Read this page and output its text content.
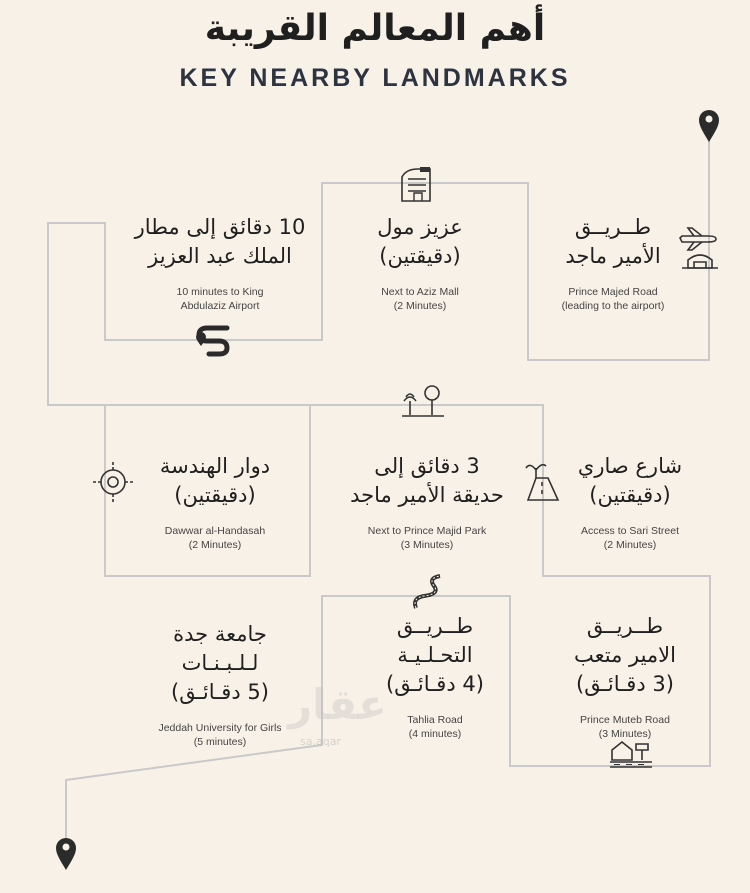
أهم المعالم القريبة
KEY NEARBY LANDMARKS
طــريــق
الأمير ماجد
Prince Majed Road
(leading to the airport)
عزيز مول
(دقيقتين)
Next to Aziz Mall
(2 Minutes)
10 دقائق إلى مطار
الملك عبد العزيز
10 minutes to King
Abdulaziz Airport
شارع صاري
(دقيقتين)
Access to Sari Street
(2 Minutes)
3 دقائق إلى
حديقة الأمير ماجد
Next to Prince Majid Park
(3 Minutes)
دوار الهندسة
(دقيقتين)
Dawwar al-Handasah
(2 Minutes)
طــريــق
الامير متعب
(3 دقـائـق)
Prince Muteb Road
(3 Minutes)
طــريــق
التحـلـيـة
(4 دقـائـق)
Tahlia Road
(4 minutes)
جامعة جدة
لـلـبـنـات
(5 دقـائـق)
Jeddah University for Girls
(5 minutes)
عقار
sa.aqar
